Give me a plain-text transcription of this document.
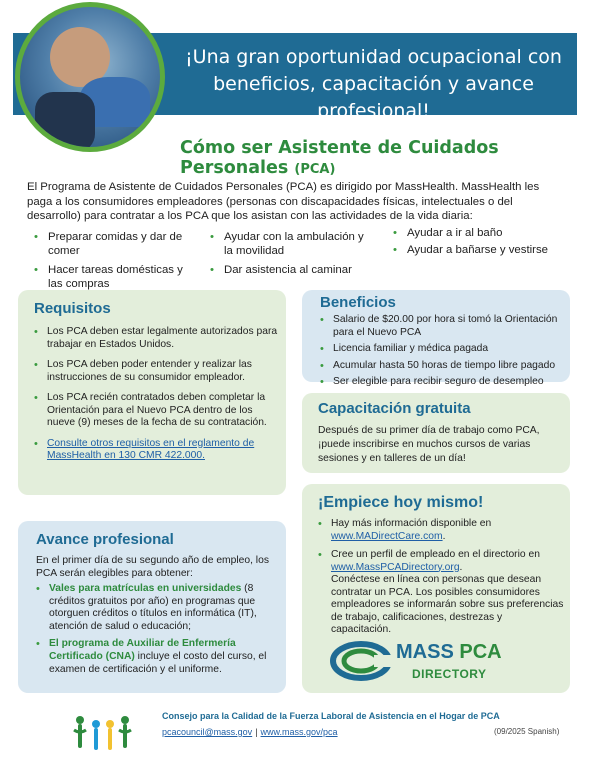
¡Una gran oportunidad ocupacional con
beneficios, capacitación y avance profesional!
Cómo ser Asistente de Cuidados Personales (PCA)

El Programa de Asistente de Cuidados Personales (PCA) es dirigido por MassHealth. MassHealth les paga a los consumidores empleadores (personas con discapacidades físicas, intelectuales o del desarrollo) para contratar a los PCA que los asistan con las actividades de la vida diaria:

• Preparar comidas y dar de comer
• Hacer tareas domésticas y las compras
• Ayudar con la ambulación y la movilidad
• Dar asistencia al caminar
• Ayudar a ir al baño
• Ayudar a bañarse y vestirse
Requisitos
• Los PCA deben estar legalmente autorizados para trabajar en Estados Unidos.
• Los PCA deben poder entender y realizar las instrucciones de su consumidor empleador.
• Los PCA recién contratados deben completar la Orientación para el Nuevo PCA dentro de los nueve (9) meses de la fecha de su contratación.
• Consulte otros requisitos en el reglamento de MassHealth en 130 CMR 422.000.
Beneficios
• Salario de $20.00 por hora si tomó la Orientación para el Nuevo PCA
• Licencia familiar y médica pagada
• Acumular hasta 50 horas de tiempo libre pagado
• Ser elegible para recibir seguro de desempleo
Capacitación gratuita

Después de su primer día de trabajo como PCA, ¡puede inscribirse en muchos cursos de varias sesiones y en talleres de un día!

Avance profesional

En el primer día de su segundo año de empleo, los PCA serán elegibles para obtener:

• Vales para matrículas en universidades (8 créditos gratuitos por año) en programas que otorguen créditos o títulos en informática (IT), atención de salud o educación;
• El programa de Auxiliar de Enfermería Certificado (CNA) incluye el costo del curso, el examen de certificación y el uniforme.
¡Empiece hoy mismo!
• Hay más información disponible en www.MADirectCare.com.
• Cree un perfil de empleado en el directorio en www.MassPCADirectory.org.
Conéctese en línea con personas que desean contratar un PCA. Los posibles consumidores empleadores se informarán sobre sus preferencias de trabajo, calificaciones, destrezas y capacitación.
MASS PCA
DIRECTORY
Consejo para la Calidad de la Fuerza Laboral de Asistencia en el Hogar de PCA
pcacouncil@mass.gov | www.mass.gov/pca	(09/2025 Spanish)
